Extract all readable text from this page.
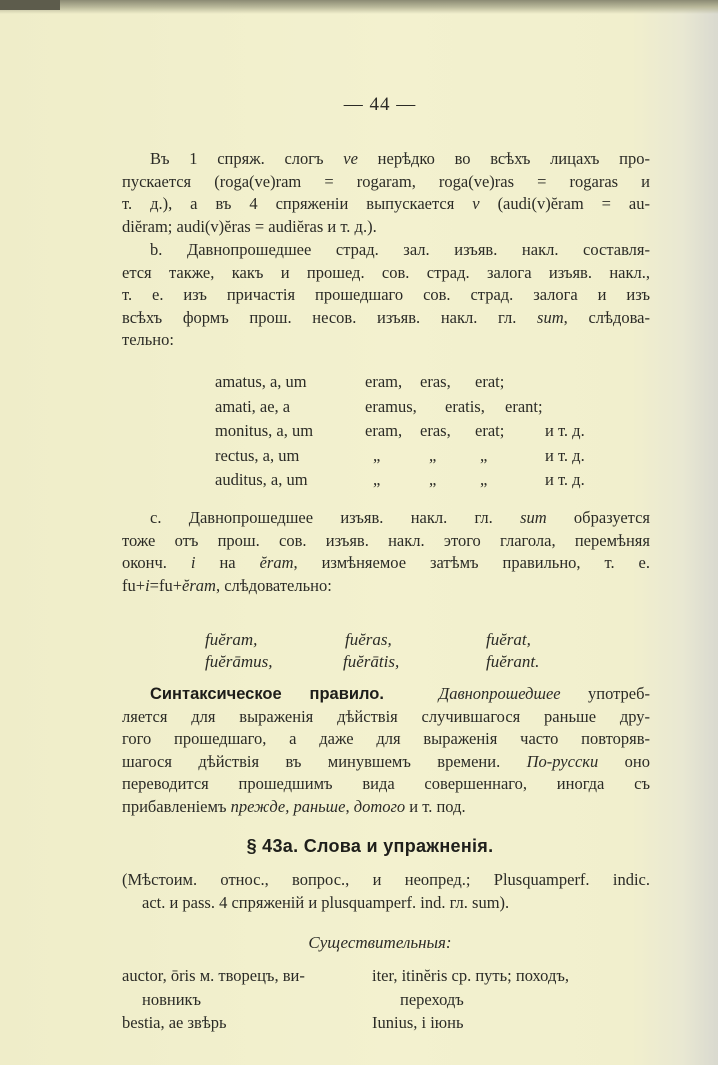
— 44 —
Въ 1 спряж. слогъ ve нерѣдко во всѣхъ лицахъ про-
пускается (roga(ve)ram = rogaram, roga(ve)ras = rogaras и
т. д.), а въ 4 спряженіи выпускается v (audi(v)ĕram = au-
diĕram; audi(v)ĕras = audiĕras и т. д.).
b. Давнопрошедшее страд. зал. изъяв. накл. составля-
ется также, какъ и прошед. сов. страд. залога изъяв. накл.,
т. е. изъ причастія прошедшаго сов. страд. залога и изъ
всѣхъ формъ прош. несов. изъяв. накл. гл. sum, слѣдова-
тельно:
amatus, a, um	eram, eras, erat;
amati, ae, a	eramus, eratis, erant;
monitus, a, um	eram, eras, erat; и т. д.
rectus, a, um	„	„	„	и т. д.
auditus, a, um	„	„	„	и т. д.
c. Давнопрошедшее изъяв. накл. гл. sum образуется
тоже отъ прош. сов. изъяв. накл. этого глагола, перемѣняя
оконч. i на ĕram, измѣняемое затѣмъ правильно, т. е.
fu+i=fu+ĕram, слѣдовательно:
fuĕram,	fuĕras,	fuĕrat,
fuĕrāmus,	fuĕrātis,	fuĕrant.
Синтаксическое правило.	Давнопрошедшее употреб-
ляется для выраженія дѣйствія случившагося раньше дру-
гого прошедшаго, а даже для выраженія часто повторяв-
шагося дѣйствія въ минувшемъ времени. По-русски оно
переводится прошедшимъ вида совершеннаго, иногда съ
прибавленіемъ прежде, раньше, дотого и т. под.
§ 43a. Слова и упражненія.
(Мѣстоим. относ., вопрос., и неопред.; Plusquamperf. indic.
act. и pass. 4 спряженій и plusquamperf. ind. гл. sum).
Существительныя:
auctor, ōris м. творецъ, ви-	iter, itinĕris ср. путь; походъ,
новникъ	переходъ
bestia, ae звѣрь	Iunius, i іюнь
